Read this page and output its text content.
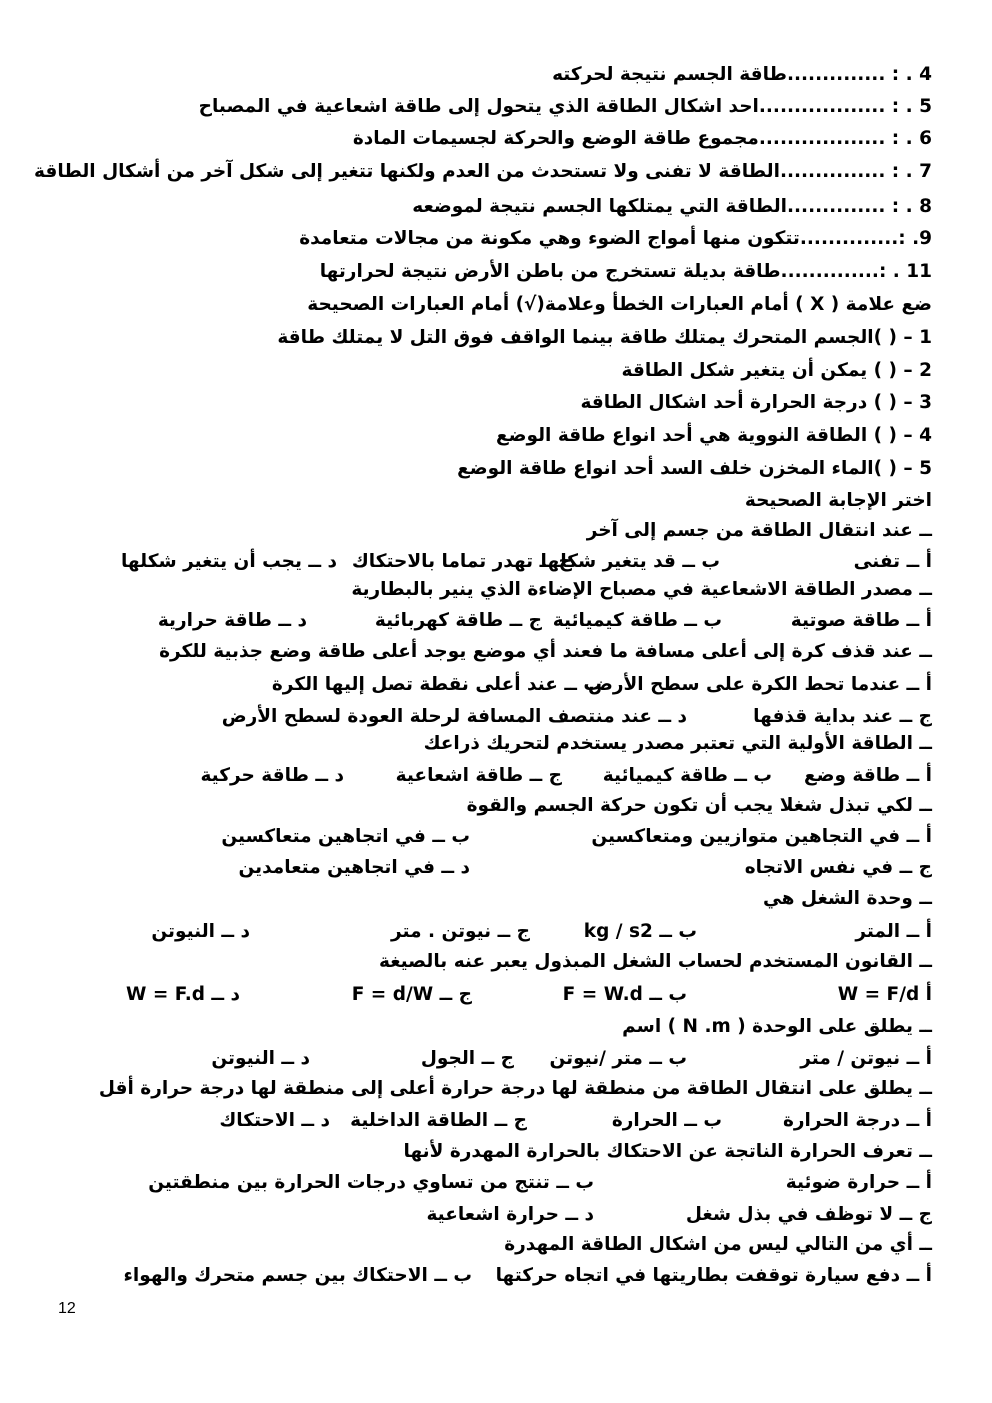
4 . : ..............طاقة الجسم نتيجة لحركته
5 . : ..................احد اشكال الطاقة الذي يتحول إلى طاقة اشعاعية في المصباح
6 . : ..................مجموع طاقة الوضع والحركة لجسيمات المادة
7 . : ...............الطاقة لا تفنى ولا تستحدث من العدم ولكنها تتغير إلى شكل آخر من أشكال الطاقة
8 . : ..............الطاقة التي يمتلكها الجسم نتيجة لموضعه
9. :..............تتكون منها أمواج الضوء وهي مكونة من مجالات متعامدة
11 . :..............طاقة بديلة تستخرج من باطن الأرض نتيجة لحرارتها
ضع علامة ( X ) أمام العبارات الخطأ وعلامة(√) أمام العبارات الصحيحة
1 – ( )الجسم المتحرك يمتلك طاقة بينما الواقف فوق التل لا يمتلك طاقة
2 – ( ) يمكن أن يتغير شكل الطاقة
3 – ( ) درجة الحرارة أحد اشكال الطاقة
4 – ( ) الطاقة النووية هي أحد انواع طاقة الوضع
5 – ( )الماء المخزن خلف السد أحد انواع طاقة الوضع
اختر الإجابة الصحيحة
ــ عند انتقال الطاقة من جسم إلى آخر
أ ــ تفنى
ب ــ قد يتغير شكلها
ج ــ تهدر تماما بالاحتكاك
د ــ يجب أن يتغير شكلها
ــ مصدر الطاقة الاشعاعية في مصباح الإضاءة الذي ينير بالبطارية
أ ــ طاقة صوتية
ب ــ طاقة كيميائية
ج ــ طاقة كهربائية
د ــ طاقة حرارية
ــ عند قذف كرة إلى أعلى مسافة ما فعند أي موضع يوجد أعلى طاقة وضع جذبية للكرة
أ ــ عندما تحط الكرة على سطح الأرض
ب ــ عند أعلى نقطة تصل إليها الكرة
ج ــ عند بداية قذفها
د ــ عند منتصف المسافة لرحلة العودة لسطح الأرض
ــ الطاقة الأولية التي تعتبر مصدر يستخدم لتحريك ذراعك
أ ــ طاقة وضع
ب ــ طاقة كيميائية
ج ــ طاقة اشعاعية
د ــ طاقة حركية
ــ لكي تبذل شغلا يجب أن تكون حركة الجسم والقوة
أ ــ في التجاهين متوازيين ومتعاكسين
ب ــ في اتجاهين متعاكسين
ج ــ في نفس الاتجاه
د ــ في اتجاهين متعامدين
ــ وحدة الشغل هي
أ ــ المتر
ب ــ kg / s2
ج ــ نيوتن . متر
د ــ النيوتن
ــ القانون المستخدم لحساب الشغل المبذول يعبر عنه بالصيغة
أ W = F/d
ب ــ F = W.d
ج ــ F = d/W
د ــ W = F.d
ــ يطلق على الوحدة ( N .m ) اسم
أ ــ نيوتن / متر
ب ــ متر /نيوتن
ج ــ الجول
د ــ النيوتن
ــ يطلق على انتقال الطاقة من منطقة لها درجة حرارة أعلى إلى منطقة لها درجة حرارة أقل
أ ــ درجة الحرارة
ب ــ الحرارة
ج ــ الطاقة الداخلية
د ــ الاحتكاك
ــ تعرف الحرارة الناتجة عن الاحتكاك بالحرارة المهدرة لأنها
أ ــ حرارة ضوئية
ب ــ تنتج من تساوي درجات الحرارة بين منطقتين
ج ــ لا توظف في بذل شغل
د ــ حرارة اشعاعية
ــ أي من التالي ليس من اشكال الطاقة المهدرة
أ ــ دفع سيارة توقفت بطاريتها في اتجاه حركتها
ب ــ الاحتكاك بين جسم متحرك والهواء
12
